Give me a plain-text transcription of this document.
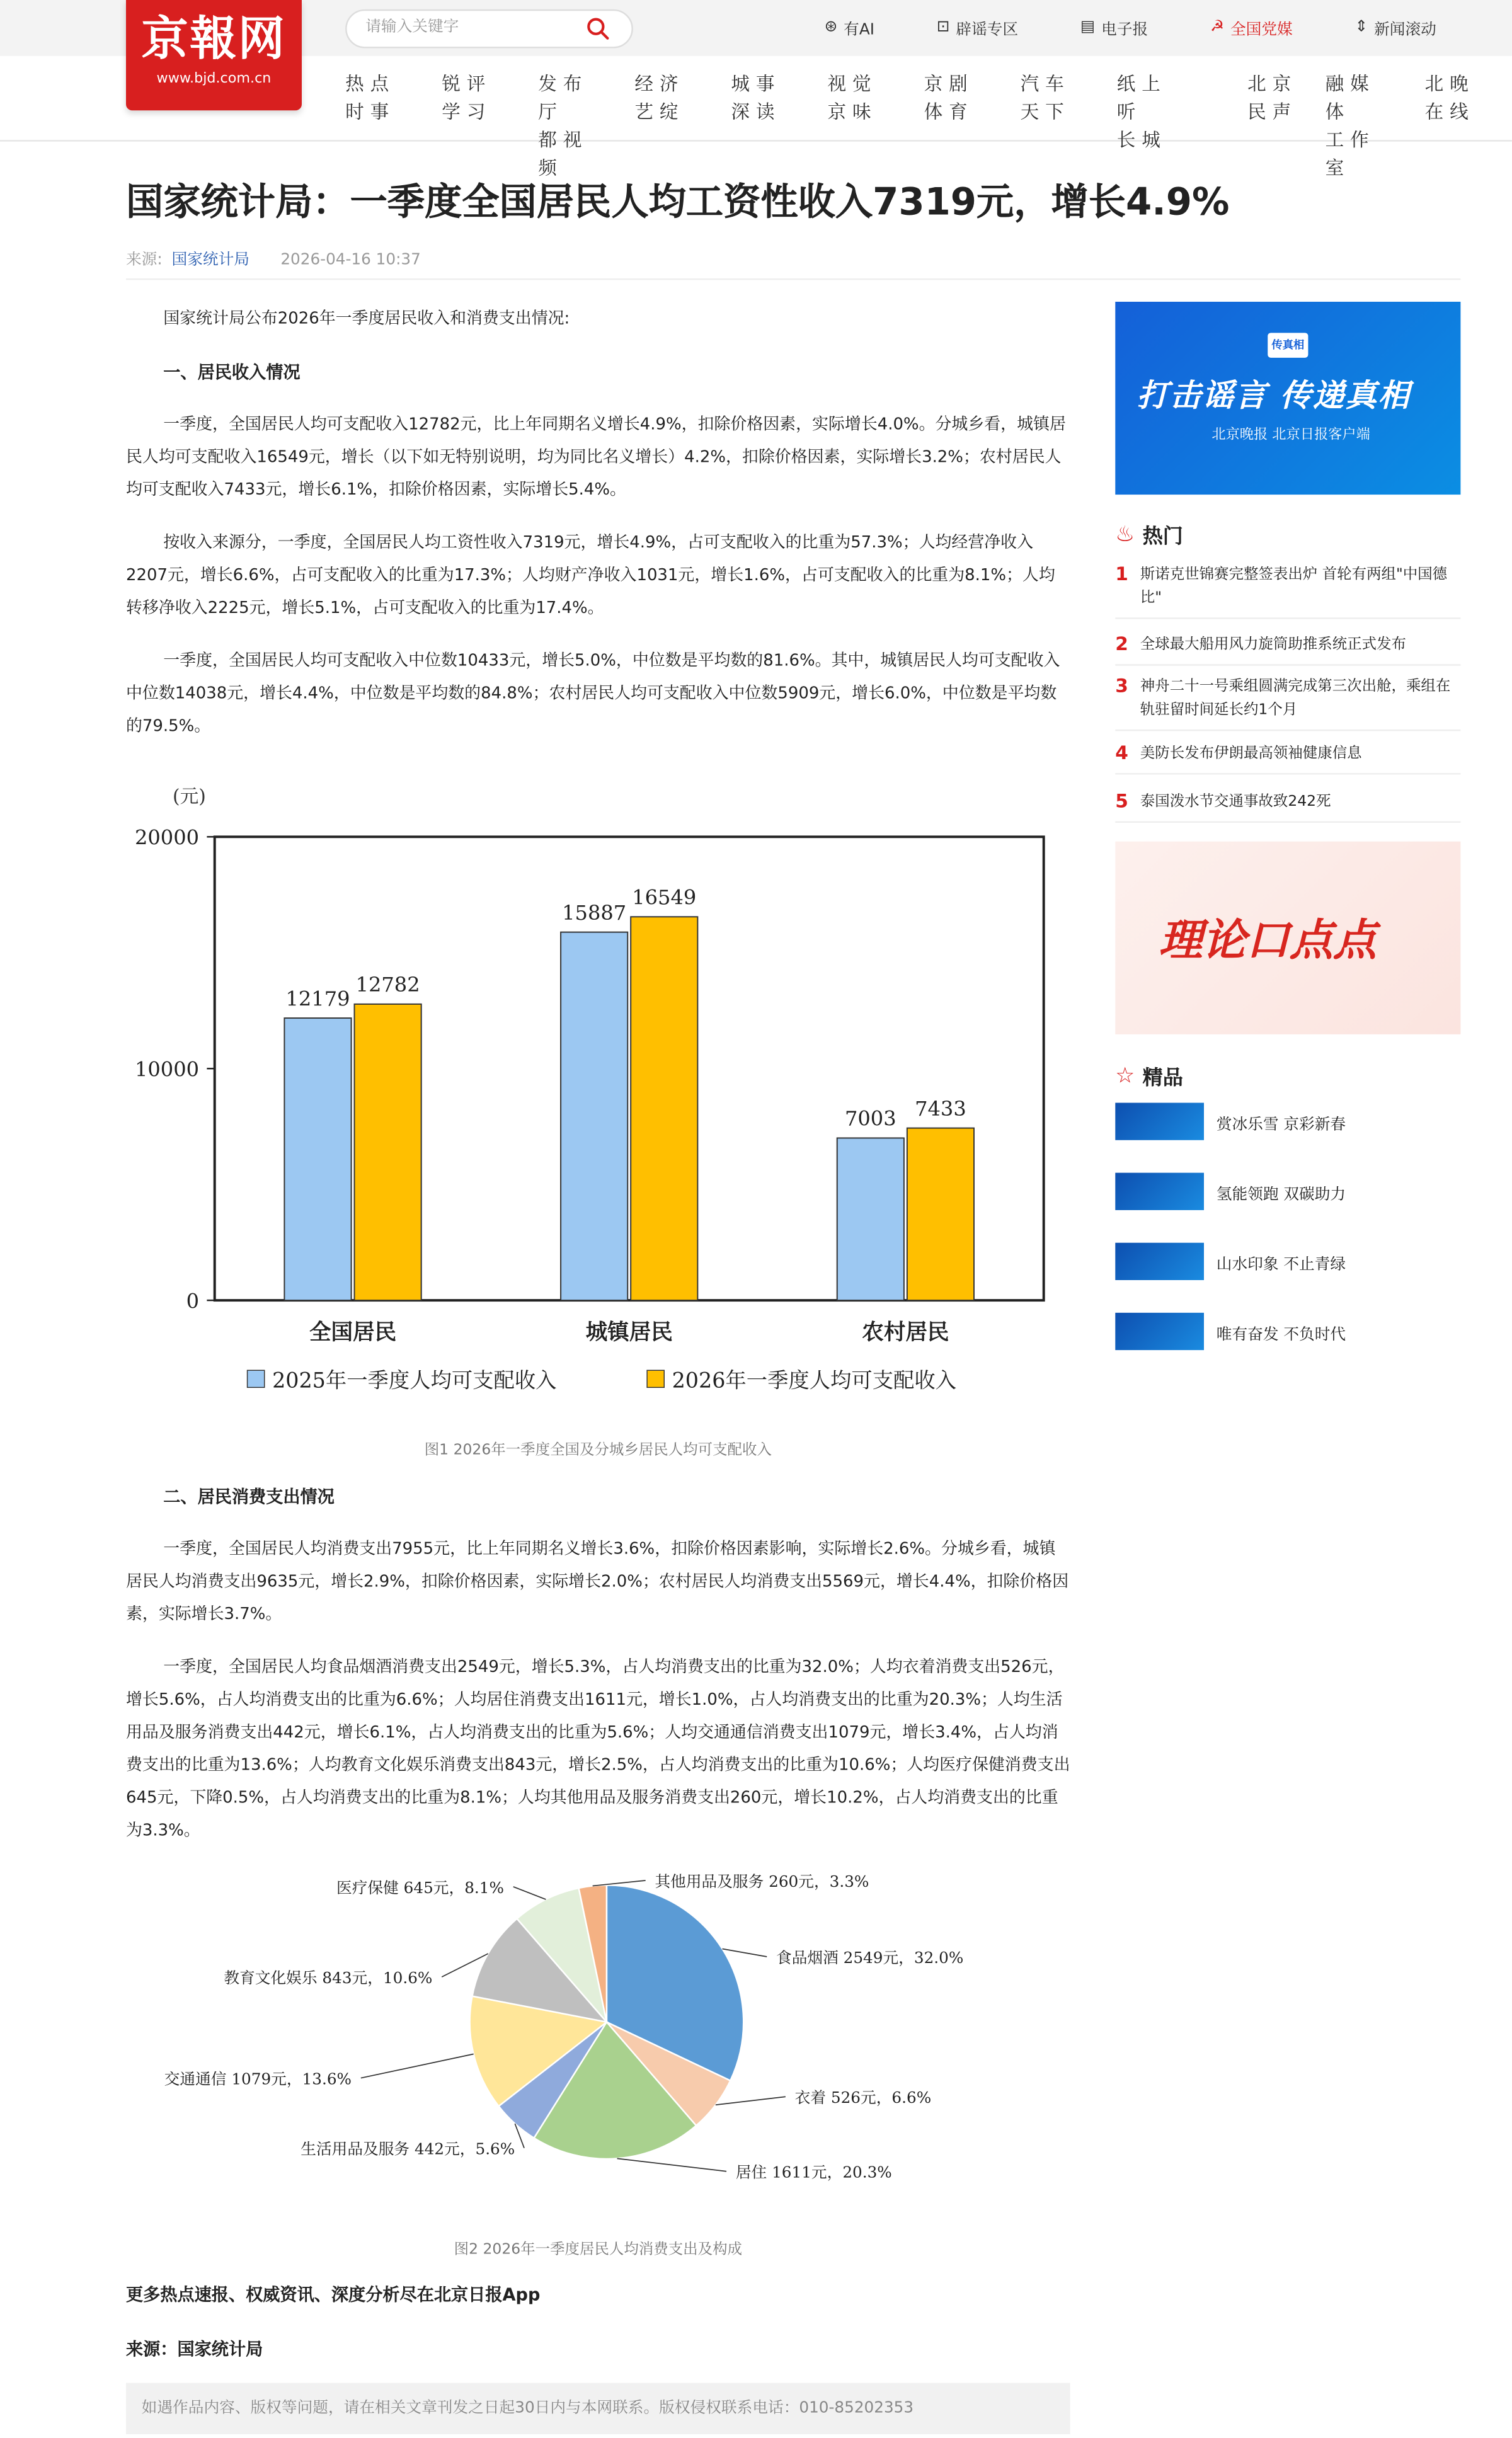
京報网
www.bjd.com.cn
请输入关键字
⊛ 有AI	⊡ 辟谣专区	▤ 电子报	☭ 全国党媒	⇕ 新闻滚动
热点
时事
锐评
学习
发布厅
都视频
经济
艺绽
城事
深读
视觉
京味
京剧
体育
汽车
天下
纸上听
长城
北京
民声
融媒体
工作室
北晚
在线
国家统计局：一季度全国居民人均工资性收入7319元，增长4.9%
来源: 国家统计局	2026-04-16 10:37

国家统计局公布2026年一季度居民收入和消费支出情况:

一、居民收入情况

一季度，全国居民人均可支配收入12782元，比上年同期名义增长4.9%，扣除价格因素，实际增长4.0%。分城乡看，城镇居民人均可支配收入16549元，增长（以下如无特别说明，均为同比名义增长）4.2%，扣除价格因素，实际增长3.2%；农村居民人均可支配收入7433元，增长6.1%，扣除价格因素，实际增长5.4%。

按收入来源分，一季度，全国居民人均工资性收入7319元，增长4.9%，占可支配收入的比重为57.3%；人均经营净收入2207元，增长6.6%，占可支配收入的比重为17.3%；人均财产净收入1031元，增长1.6%，占可支配收入的比重为8.1%；人均转移净收入2225元，增长5.1%，占可支配收入的比重为17.4%。

一季度，全国居民人均可支配收入中位数10433元，增长5.0%，中位数是平均数的81.6%。其中，城镇居民人均可支配收入中位数14038元，增长4.4%，中位数是平均数的84.8%；农村居民人均可支配收入中位数5909元，增长6.0%，中位数是平均数的79.5%。

(元)
0
10000
20000
12179
12782
全国居民
15887
16549
城镇居民
7003 7433
农村居民
2025年一季度人均可支配收入	2026年一季度人均可支配收入
图1 2026年一季度全国及分城乡居民人均可支配收入
二、居民消费支出情况

一季度，全国居民人均消费支出7955元，比上年同期名义增长3.6%，扣除价格因素影响，实际增长2.6%。分城乡看，城镇居民人均消费支出9635元，增长2.9%，扣除价格因素，实际增长2.0%；农村居民人均消费支出5569元，增长4.4%，扣除价格因素，实际增长3.7%。

一季度，全国居民人均食品烟酒消费支出2549元，增长5.3%，占人均消费支出的比重为32.0%；人均衣着消费支出526元，增长5.6%，占人均消费支出的比重为6.6%；人均居住消费支出1611元，增长1.0%，占人均消费支出的比重为20.3%；人均生活用品及服务消费支出442元，增长6.1%，占人均消费支出的比重为5.6%；人均交通通信消费支出1079元，增长3.4%，占人均消费支出的比重为13.6%；人均教育文化娱乐消费支出843元，增长2.5%，占人均消费支出的比重为10.6%；人均医疗保健消费支出645元，下降0.5%，占人均消费支出的比重为8.1%；人均其他用品及服务消费支出260元，增长10.2%，占人均消费支出的比重为3.3%。

食品烟酒 2549元，32.0%
衣着 526元，6.6%
居住 1611元，20.3%
生活用品及服务 442元，5.6%
交通通信 1079元，13.6%
教育文化娱乐 843元，10.6%
医疗保健 645元，8.1%	其他用品及服务 260元，3.3%
图2 2026年一季度居民人均消费支出及构成
更多热点速报、权威资讯、深度分析尽在北京日报App
来源：国家统计局
如遇作品内容、版权等问题，请在相关文章刊发之日起30日内与本网联系。版权侵权联系电话：010-85202353
传真相
打击谣言 传递真相
北京晚报 北京日报客户端
♨ 热门
1	斯诺克世锦赛完整签表出炉 首轮有两组"中国德比"
2	全球最大船用风力旋筒助推系统正式发布
3	神舟二十一号乘组圆满完成第三次出舱，乘组在轨驻留时间延长约1个月
4	美防长发布伊朗最高领袖健康信息
5	泰国泼水节交通事故致242死
理论口点点
☆ 精品
赏冰乐雪 京彩新春
氢能领跑 双碳助力
山水印象 不止青绿
唯有奋发 不负时代
